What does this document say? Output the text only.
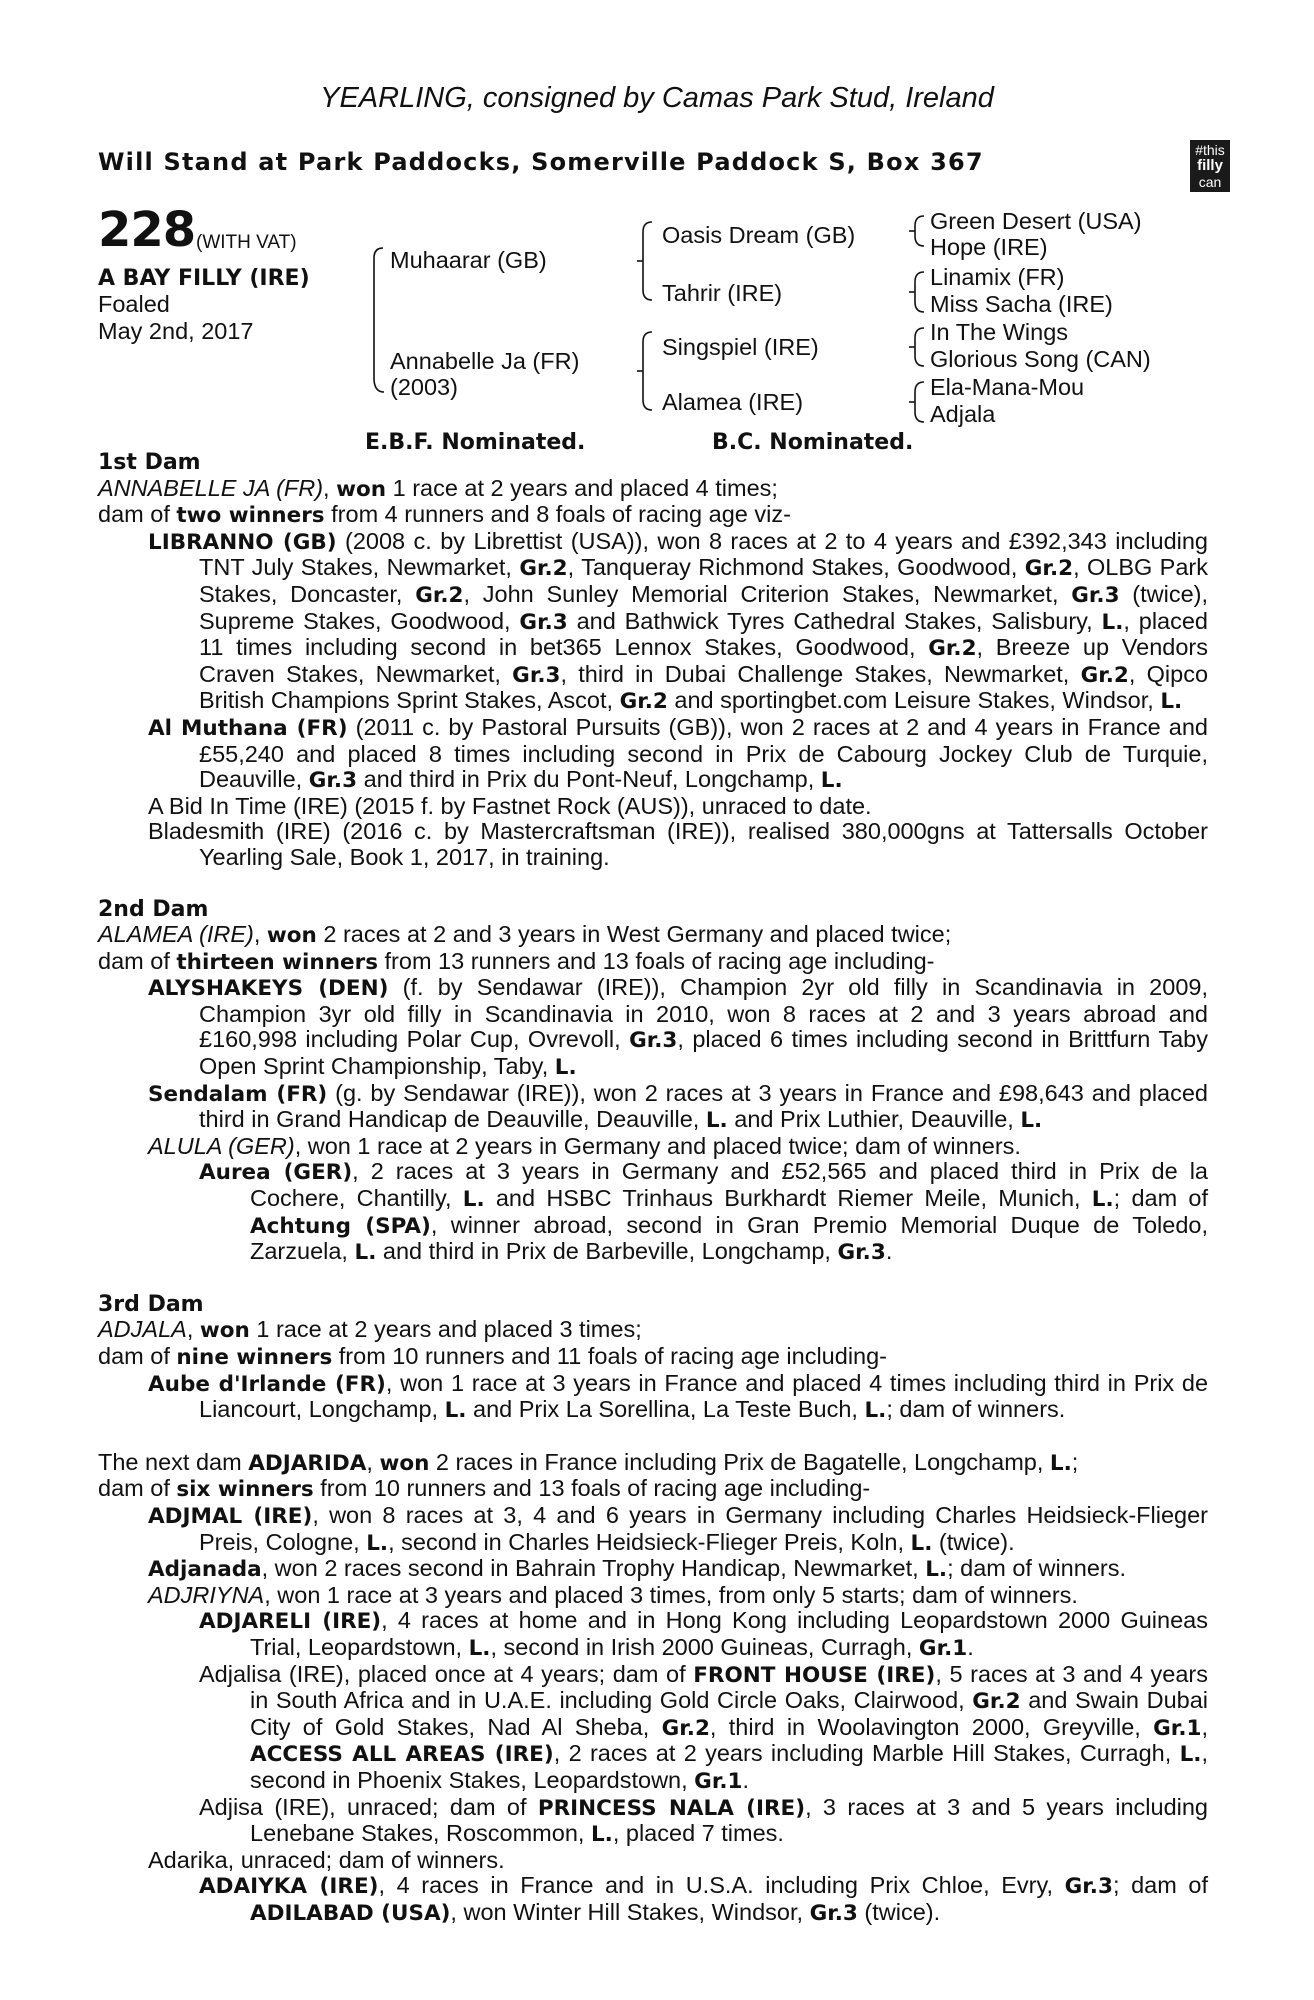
YEARLING, consigned by Camas Park Stud, Ireland
Will Stand at Park Paddocks, Somerville Paddock S, Box 367	#this
filly
can
228 (WITH VAT)
A BAY FILLY (IRE)
Foaled
May 2nd, 2017
Muhaarar (GB)
Annabelle Ja (FR)
(2003)
Oasis Dream (GB)
Tahrir (IRE)
Singspiel (IRE)
Alamea (IRE)
Green Desert (USA)
Hope (IRE)
Linamix (FR)
Miss Sacha (IRE)
In The Wings
Glorious Song (CAN)
Ela-Mana-Mou
Adjala
E.B.F. Nominated.	B.C. Nominated.
1st Dam

ANNABELLE JA (FR), won 1 race at 2 years and placed 4 times;

dam of two winners from 4 runners and 8 foals of racing age viz-

LIBRANNO (GB) (2008 c. by Librettist (USA)), won 8 races at 2 to 4 years and £392,343 including TNT July Stakes, Newmarket, Gr.2, Tanqueray Richmond Stakes, Goodwood, Gr.2, OLBG Park Stakes, Doncaster, Gr.2, John Sunley Memorial Criterion Stakes, Newmarket, Gr.3 (twice), Supreme Stakes, Goodwood, Gr.3 and Bathwick Tyres Cathedral Stakes, Salisbury, L., placed 11 times including second in bet365 Lennox Stakes, Goodwood, Gr.2, Breeze up Vendors Craven Stakes, Newmarket, Gr.3, third in Dubai Challenge Stakes, Newmarket, Gr.2, Qipco British Champions Sprint Stakes, Ascot, Gr.2 and sportingbet.com Leisure Stakes, Windsor, L.

Al Muthana (FR) (2011 c. by Pastoral Pursuits (GB)), won 2 races at 2 and 4 years in France and £55,240 and placed 8 times including second in Prix de Cabourg Jockey Club de Turquie, Deauville, Gr.3 and third in Prix du Pont-Neuf, Longchamp, L.

A Bid In Time (IRE) (2015 f. by Fastnet Rock (AUS)), unraced to date.

Bladesmith (IRE) (2016 c. by Mastercraftsman (IRE)), realised 380,000gns at Tattersalls October Yearling Sale, Book 1, 2017, in training.

2nd Dam

ALAMEA (IRE), won 2 races at 2 and 3 years in West Germany and placed twice;

dam of thirteen winners from 13 runners and 13 foals of racing age including-

ALYSHAKEYS (DEN) (f. by Sendawar (IRE)), Champion 2yr old filly in Scandinavia in 2009, Champion 3yr old filly in Scandinavia in 2010, won 8 races at 2 and 3 years abroad and £160,998 including Polar Cup, Ovrevoll, Gr.3, placed 6 times including second in Brittfurn Taby Open Sprint Championship, Taby, L.

Sendalam (FR) (g. by Sendawar (IRE)), won 2 races at 3 years in France and £98,643 and placed third in Grand Handicap de Deauville, Deauville, L. and Prix Luthier, Deauville, L.

ALULA (GER), won 1 race at 2 years in Germany and placed twice; dam of winners.

Aurea (GER), 2 races at 3 years in Germany and £52,565 and placed third in Prix de la Cochere, Chantilly, L. and HSBC Trinhaus Burkhardt Riemer Meile, Munich, L.; dam of Achtung (SPA), winner abroad, second in Gran Premio Memorial Duque de Toledo, Zarzuela, L. and third in Prix de Barbeville, Longchamp, Gr.3.

3rd Dam

ADJALA, won 1 race at 2 years and placed 3 times;

dam of nine winners from 10 runners and 11 foals of racing age including-

Aube d'Irlande (FR), won 1 race at 3 years in France and placed 4 times including third in Prix de Liancourt, Longchamp, L. and Prix La Sorellina, La Teste Buch, L.; dam of winners.

The next dam ADJARIDA, won 2 races in France including Prix de Bagatelle, Longchamp, L.;

dam of six winners from 10 runners and 13 foals of racing age including-

ADJMAL (IRE), won 8 races at 3, 4 and 6 years in Germany including Charles Heidsieck-Flieger Preis, Cologne, L., second in Charles Heidsieck-Flieger Preis, Koln, L. (twice).

Adjanada, won 2 races second in Bahrain Trophy Handicap, Newmarket, L.; dam of winners.

ADJRIYNA, won 1 race at 3 years and placed 3 times, from only 5 starts; dam of winners.

ADJARELI (IRE), 4 races at home and in Hong Kong including Leopardstown 2000 Guineas Trial, Leopardstown, L., second in Irish 2000 Guineas, Curragh, Gr.1.

Adjalisa (IRE), placed once at 4 years; dam of FRONT HOUSE (IRE), 5 races at 3 and 4 years in South Africa and in U.A.E. including Gold Circle Oaks, Clairwood, Gr.2 and Swain Dubai City of Gold Stakes, Nad Al Sheba, Gr.2, third in Woolavington 2000, Greyville, Gr.1, ACCESS ALL AREAS (IRE), 2 races at 2 years including Marble Hill Stakes, Curragh, L., second in Phoenix Stakes, Leopardstown, Gr.1.

Adjisa (IRE), unraced; dam of PRINCESS NALA (IRE), 3 races at 3 and 5 years including Lenebane Stakes, Roscommon, L., placed 7 times.

Adarika, unraced; dam of winners.

ADAIYKA (IRE), 4 races in France and in U.S.A. including Prix Chloe, Evry, Gr.3; dam of ADILABAD (USA), won Winter Hill Stakes, Windsor, Gr.3 (twice).
